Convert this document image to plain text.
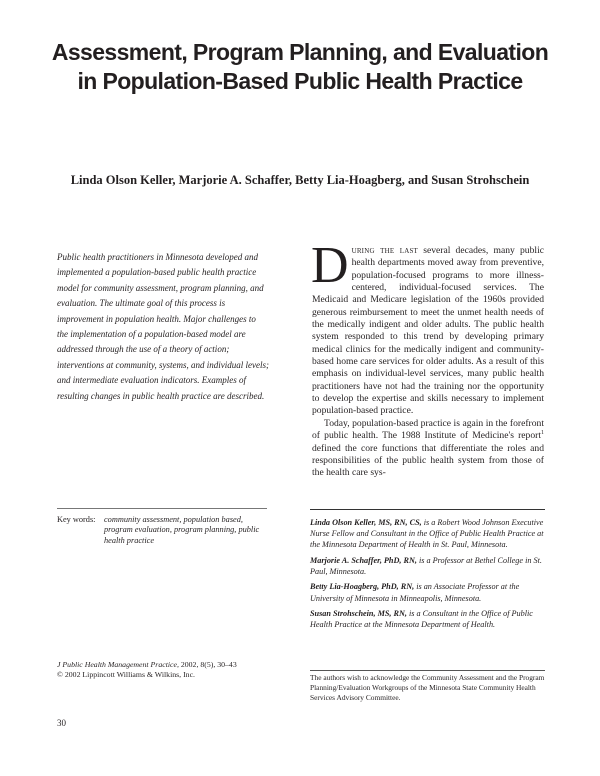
Assessment, Program Planning, and Evaluation in Population-Based Public Health Practice
Linda Olson Keller, Marjorie A. Schaffer, Betty Lia-Hoagberg, and Susan Strohschein
Public health practitioners in Minnesota developed and implemented a population-based public health practice model for community assessment, program planning, and evaluation. The ultimate goal of this process is improvement in population health. Major challenges to the implementation of a population-based model are addressed through the use of a theory of action; interventions at community, systems, and individual levels; and intermediate evaluation indicators. Examples of resulting changes in public health practice are described.
Key words: community assessment, population based, program evaluation, program planning, public health practice

During the last several decades, many public health departments moved away from preventive, population-focused programs to more illness-centered, individual-focused services. The Medicaid and Medicare legislation of the 1960s provided generous reimbursement to meet the unmet health needs of the medically indigent and older adults. The public health system responded to this trend by developing primary medical clinics for the medically indigent and community-based home care services for older adults. As a result of this emphasis on individual-level services, many public health practitioners have not had the training nor the opportunity to develop the expertise and skills necessary to implement population-based practice.

Today, population-based practice is again in the forefront of public health. The 1988 Institute of Medicine's report$^1$ defined the core functions that differentiate the roles and responsibilities of the public health system from those of the health care sys-

Linda Olson Keller, MS, RN, CS, is a Robert Wood Johnson Executive Nurse Fellow and Consultant in the Office of Public Health Practice at the Minnesota Department of Health in St. Paul, Minnesota.
Marjorie A. Schaffer, PhD, RN, is a Professor at Bethel College in St. Paul, Minnesota.
Betty Lia-Hoagberg, PhD, RN, is an Associate Professor at the University of Minnesota in Minneapolis, Minnesota.
Susan Strohschein, MS, RN, is a Consultant in the Office of Public Health Practice at the Minnesota Department of Health.
The authors wish to acknowledge the Community Assessment and the Program Planning/Evaluation Workgroups of the Minnesota State Community Health Services Advisory Committee.
J Public Health Management Practice, 2002, 8(5), 30–43
© 2002 Lippincott Williams & Wilkins, Inc.
30
